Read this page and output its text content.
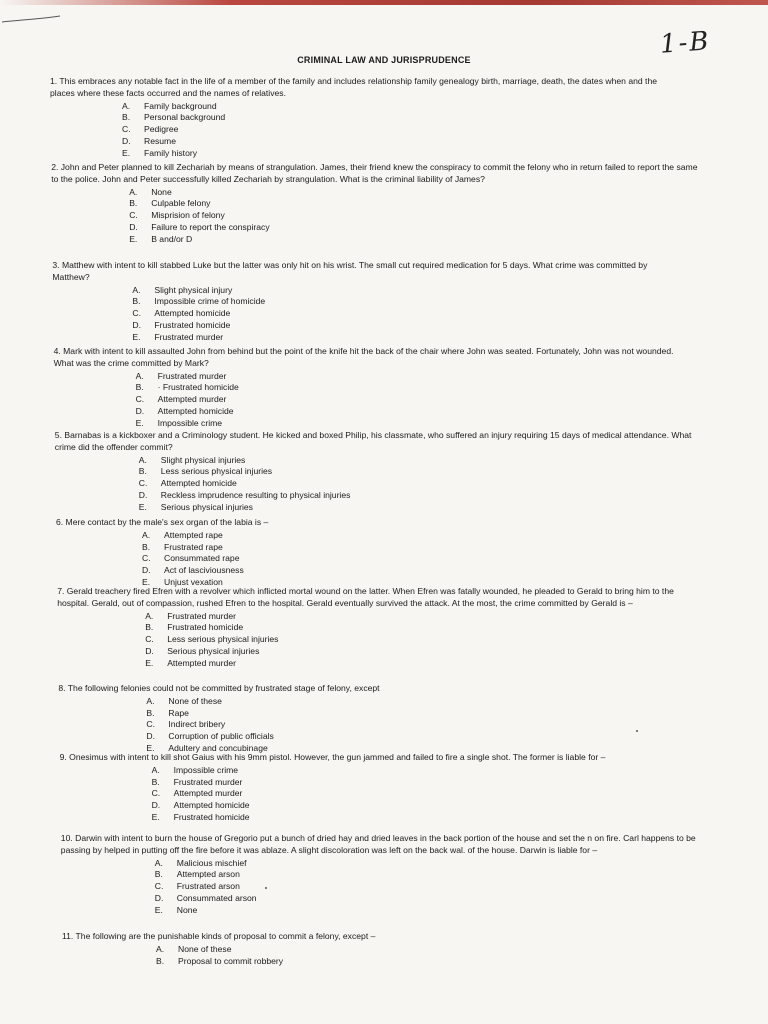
1-B
CRIMINAL LAW AND JURISPRUDENCE

1. This embraces any notable fact in the life of a member of the family and includes relationship family genealogy birth, marriage, death, the dates when and the places where these facts occurred and the names of relatives.

A.	Family background
B.	Personal background
C.	Pedigree
D.	Resume
E.	Family history

2. John and Peter planned to kill Zechariah by means of strangulation. James, their friend knew the conspiracy to commit the felony who in return failed to report the same to the police. John and Peter successfully killed Zechariah by strangulation. What is the criminal liability of James?

A.	None
B.	Culpable felony
C.	Misprision of felony
D.	Failure to report the conspiracy
E.	B and/or D

3. Matthew with intent to kill stabbed Luke but the latter was only hit on his wrist. The small cut required medication for 5 days. What crime was committed by Matthew?

A.	Slight physical injury
B.	Impossible crime of homicide
C.	Attempted homicide
D.	Frustrated homicide
E.	Frustrated murder

4. Mark with intent to kill assaulted John from behind but the point of the knife hit the back of the chair where John was seated. Fortunately, John was not wounded. What was the crime committed by Mark?

A.	Frustrated murder
B.	· Frustrated homicide
C.	Attempted murder
D.	Attempted homicide
E.	Impossible crime

5. Barnabas is a kickboxer and a Criminology student. He kicked and boxed Philip, his classmate, who suffered an injury requiring 15 days of medical attendance. What crime did the offender commit?

A.	Slight physical injuries
B.	Less serious physical injuries
C.	Attempted homicide
D.	Reckless imprudence resulting to physical injuries
E.	Serious physical injuries

6. Mere contact by the male's sex organ of the labia is –

A.	Attempted rape
B.	Frustrated rape
C.	Consummated rape
D.	Act of lasciviousness
E.	Unjust vexation

7. Gerald treachery fired Efren with a revolver which inflicted mortal wound on the latter. When Efren was fatally wounded, he pleaded to Gerald to bring him to the hospital. Gerald, out of compassion, rushed Efren to the hospital. Gerald eventually survived the attack. At the most, the crime committed by Gerald is –

A.	Frustrated murder
B.	Frustrated homicide
C.	Less serious physical injuries
D.	Serious physical injuries
E.	Attempted murder

8. The following felonies could not be committed by frustrated stage of felony, except

A.	None of these
B.	Rape
C.	Indirect bribery
D.	Corruption of public officials
E.	Adultery and concubinage

9. Onesimus with intent to kill shot Gaius with his 9mm pistol. However, the gun jammed and failed to fire a single shot. The former is liable for –

A.	Impossible crime
B.	Frustrated murder
C.	Attempted murder
D.	Attempted homicide
E.	Frustrated homicide

10. Darwin with intent to burn the house of Gregorio put a bunch of dried hay and dried leaves in the back portion of the house and set the n on fire. Carl happens to be passing by helped in putting off the fire before it was ablaze. A slight discoloration was left on the back wal. of the house. Darwin is liable for –

A.	Malicious mischief
B.	Attempted arson
C.	Frustrated arson
D.	Consummated arson
E.	None

11. The following are the punishable kinds of proposal to commit a felony, except –

A.	None of these
B.	Proposal to commit robbery
